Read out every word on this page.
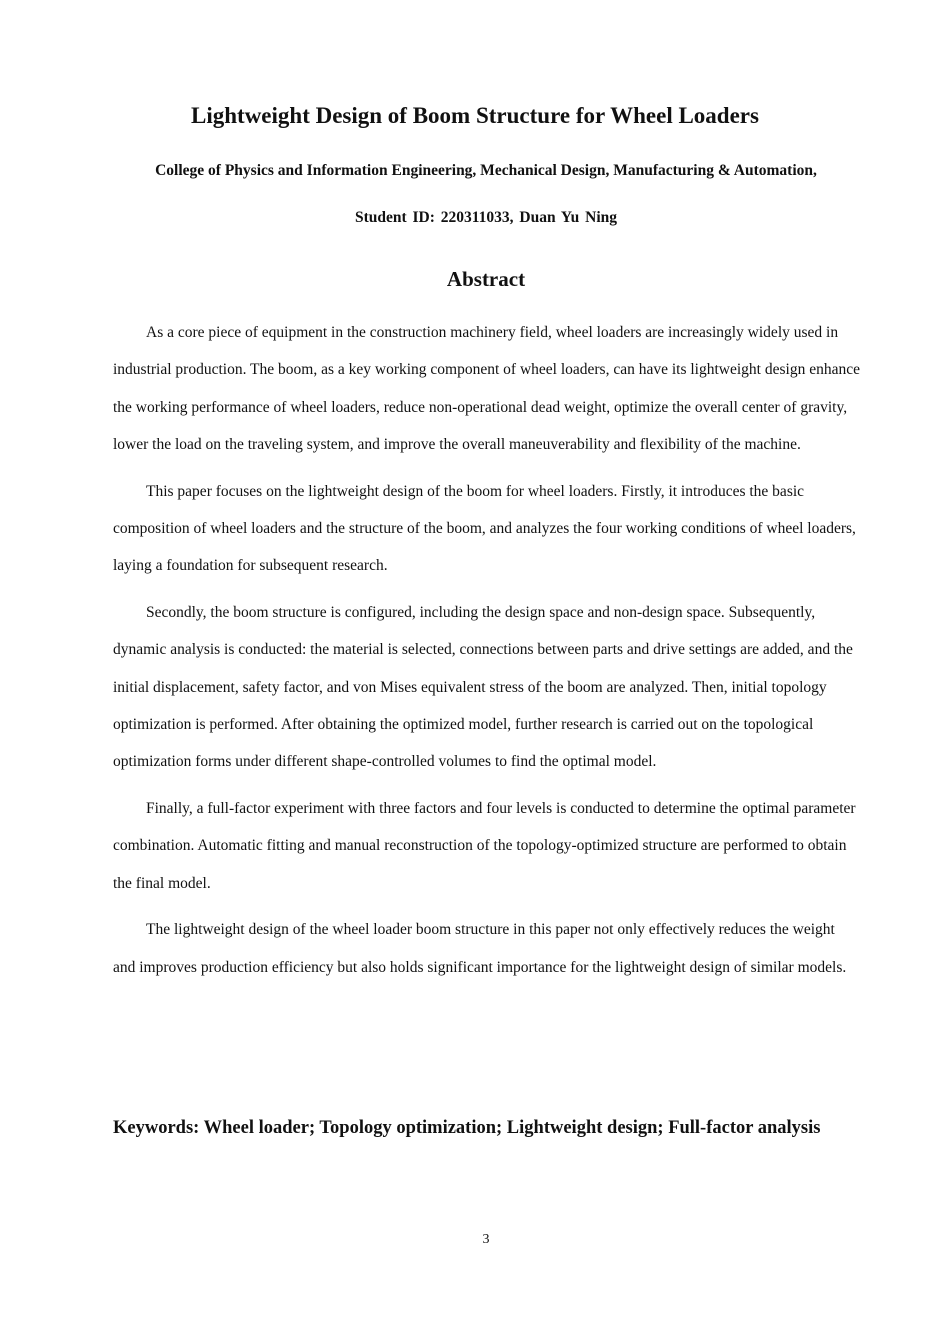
Lightweight Design of Boom Structure for Wheel Loaders
College of Physics and Information Engineering, Mechanical Design, Manufacturing & Automation,
Student ID: 220311033, Duan Yu Ning
Abstract

As a core piece of equipment in the construction machinery field, wheel loaders are increasingly widely used in industrial production. The boom, as a key working component of wheel loaders, can have its lightweight design enhance the working performance of wheel loaders, reduce non-operational dead weight, optimize the overall center of gravity, lower the load on the traveling system, and improve the overall maneuverability and flexibility of the machine.

This paper focuses on the lightweight design of the boom for wheel loaders. Firstly, it introduces the basic composition of wheel loaders and the structure of the boom, and analyzes the four working conditions of wheel loaders, laying a foundation for subsequent research.

Secondly, the boom structure is configured, including the design space and non-design space. Subsequently, dynamic analysis is conducted: the material is selected, connections between parts and drive settings are added, and the initial displacement, safety factor, and von Mises equivalent stress of the boom are analyzed. Then, initial topology optimization is performed. After obtaining the optimized model, further research is carried out on the topological optimization forms under different shape-controlled volumes to find the optimal model.

Finally, a full-factor experiment with three factors and four levels is conducted to determine the optimal parameter combination. Automatic fitting and manual reconstruction of the topology-optimized structure are performed to obtain the final model.

The lightweight design of the wheel loader boom structure in this paper not only effectively reduces the weight and improves production efficiency but also holds significant importance for the lightweight design of similar models.

Keywords: Wheel loader; Topology optimization; Lightweight design; Full-factor analysis
3
